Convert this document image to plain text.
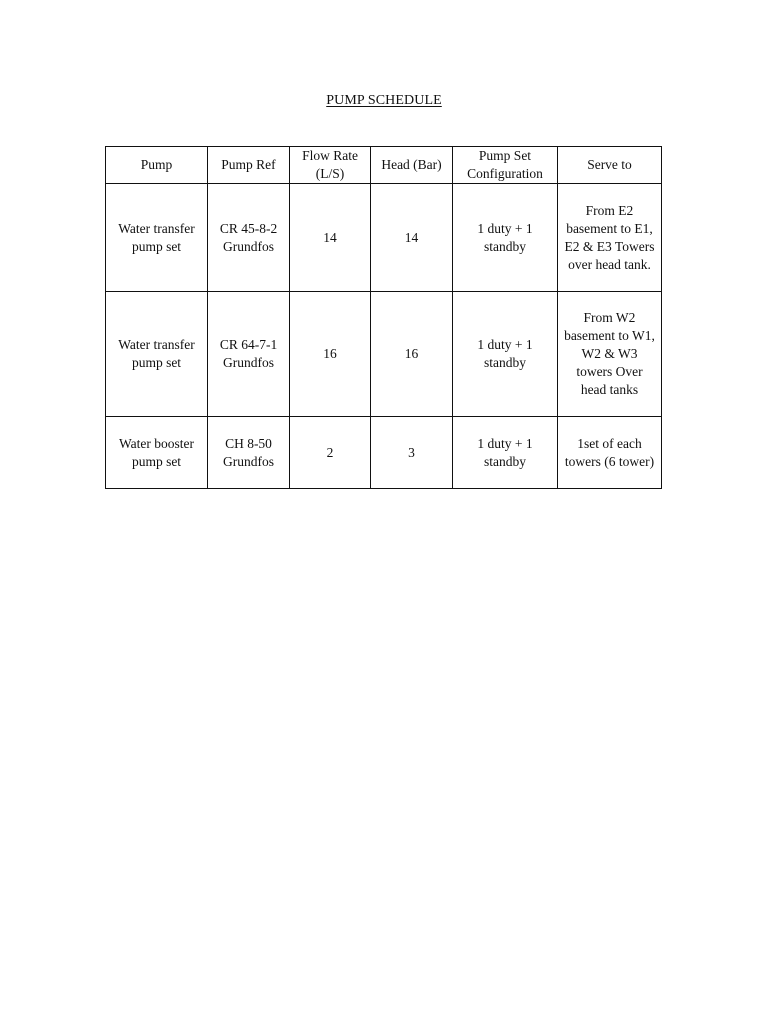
PUMP SCHEDULE
Pump	Pump Ref	Flow Rate (L/S)	Head (Bar)	Pump Set Configuration	Serve to
Water transfer pump set	CR 45-8-2 Grundfos	14	14	1 duty + 1 standby	From E2 basement to E1, E2 & E3 Towers over head tank.
Water transfer pump set	CR 64-7-1 Grundfos	16	16	1 duty + 1 standby	From W2 basement to W1, W2 & W3 towers Over head tanks
Water booster pump set	CH 8-50 Grundfos	2	3	1 duty + 1 standby	1set of each towers (6 tower)
